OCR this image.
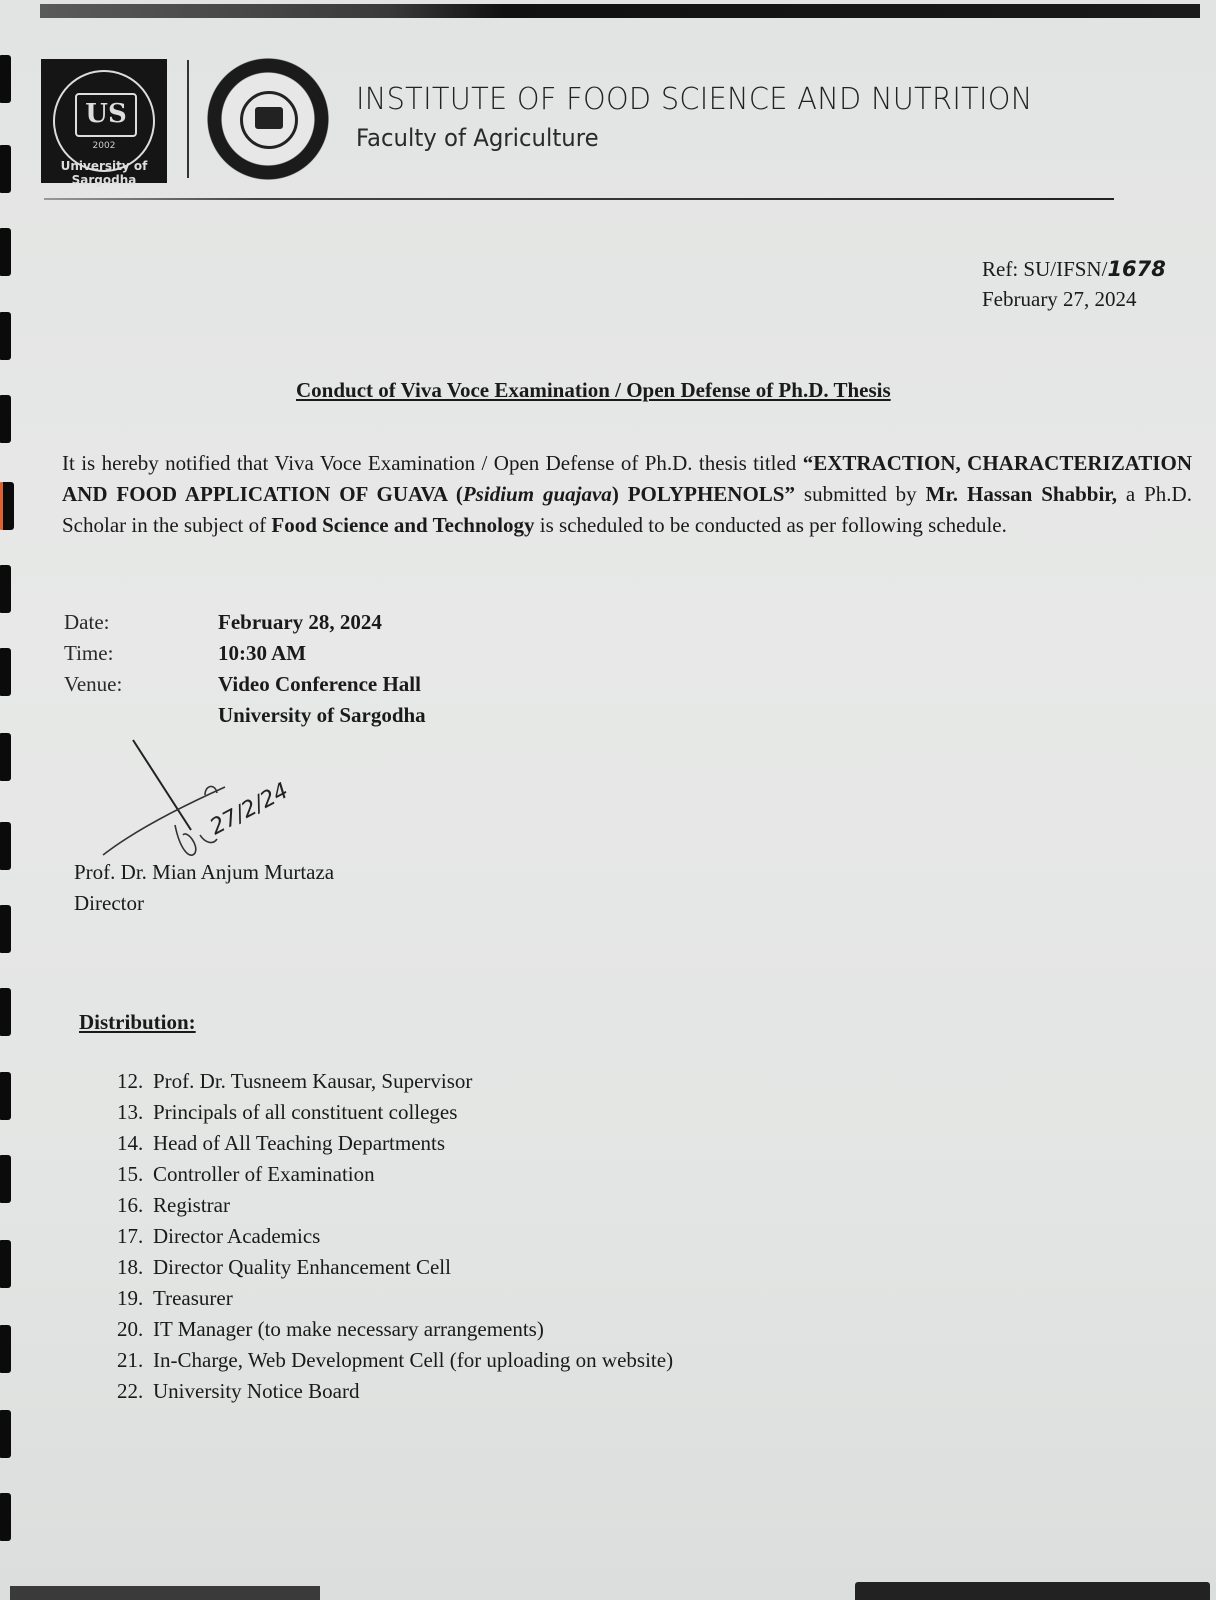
US
2002
University of Sargodha
INSTITUTE OF FOOD SCIENCE AND NUTRITION
Faculty of Agriculture
Ref: SU/IFSN/1678
February 27, 2024
Conduct of Viva Voce Examination / Open Defense of Ph.D. Thesis
It is hereby notified that Viva Voce Examination / Open Defense of Ph.D. thesis titled “EXTRACTION, CHARACTERIZATION AND FOOD APPLICATION OF GUAVA (Psidium guajava) POLYPHENOLS” submitted by Mr. Hassan Shabbir, a Ph.D. Scholar in the subject of Food Science and Technology is scheduled to be conducted as per following schedule.
Date:	February 28, 2024
Time:	10:30 AM
Venue:	Video Conference Hall
University of Sargodha
27/2/24
Prof. Dr. Mian Anjum Murtaza
Director
Distribution:
12. Prof. Dr. Tusneem Kausar, Supervisor
13. Principals of all constituent colleges
14. Head of All Teaching Departments
15. Controller of Examination
16. Registrar
17. Director Academics
18. Director Quality Enhancement Cell
19. Treasurer
20. IT Manager (to make necessary arrangements)
21. In-Charge, Web Development Cell (for uploading on website)
22. University Notice Board
